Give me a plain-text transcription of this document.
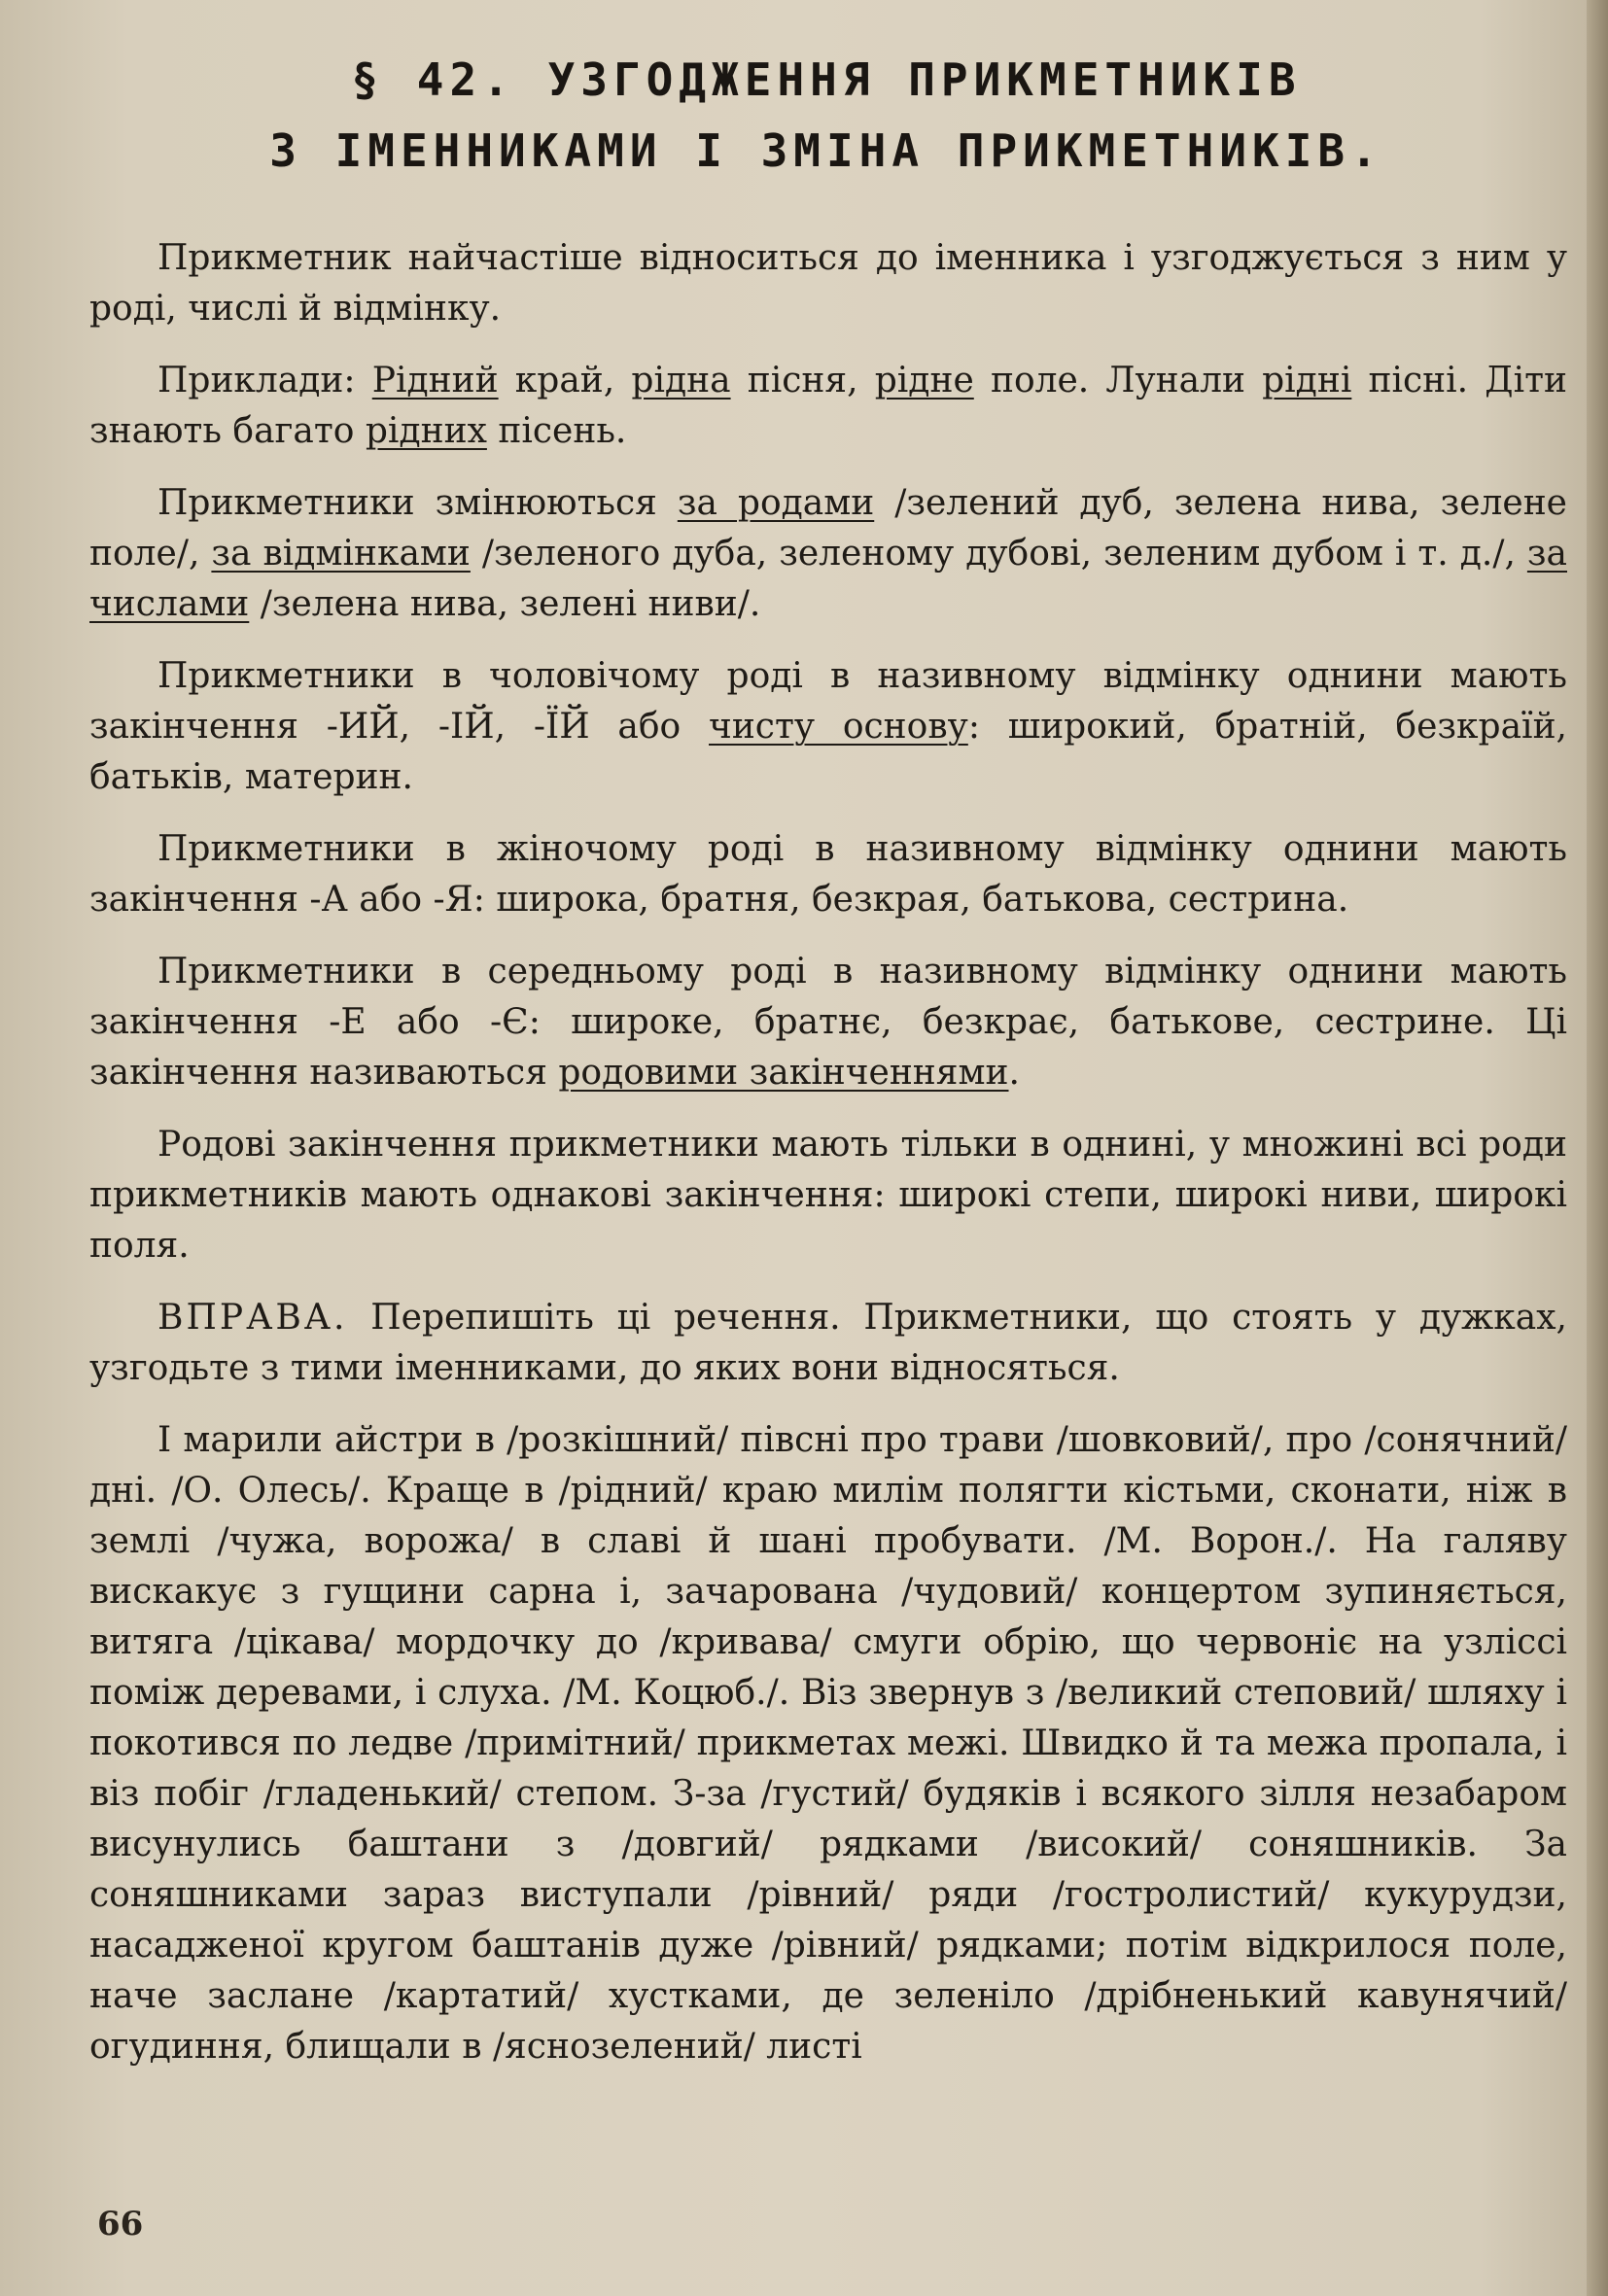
§ 42. УЗГОДЖЕННЯ ПРИКМЕТНИКІВ
З ІМЕННИКАМИ І ЗМІНА ПРИКМЕТНИКІВ.

Прикметник найчастіше відноситься до іменника і узгоджується з ним у роді, числі й відмінку.

Приклади: Рідний край, рідна пісня, рідне поле. Лунали рідні пісні. Діти знають багато рідних пісень.

Прикметники змінюються за родами /зелений дуб, зелена нива, зелене поле/, за відмінками /зеленого дуба, зеленому дубові, зеленим дубом і т. д./, за числами /зелена нива, зелені ниви/.

Прикметники в чоловічому роді в називному відмінку однини мають закінчення -ИЙ, -ІЙ, -ЇЙ або чисту основу: широкий, братній, безкраїй, батьків, материн.

Прикметники в жіночому роді в називному відмінку однини мають закінчення -А або -Я: широка, братня, безкрая, батькова, сестрина.

Прикметники в середньому роді в називному відмінку однини мають закінчення -Е або -Є: широке, братнє, безкрає, батькове, сестрине. Ці закінчення називаються родовими закінченнями.

Родові закінчення прикметники мають тільки в однині, у множині всі роди прикметників мають однакові закінчення: широкі степи, широкі ниви, широкі поля.

ВПРАВА. Перепишіть ці речення. Прикметники, що стоять у дужках, узгодьте з тими іменниками, до яких вони відносяться.

І марили айстри в /розкішний/ півсні про трави /шовковий/, про /сонячний/ дні. /О. Олесь/. Краще в /рідний/ краю милім полягти кістьми, сконати, ніж в землі /чужа, ворожа/ в славі й шані пробувати. /М. Ворон./. На галяву вискакує з гущини сарна і, зачарована /чудовий/ концертом зупиняється, витяга /цікава/ мордочку до /кривава/ смуги обрію, що червоніє на узліссі поміж деревами, і слуха. /М. Коцюб./. Віз звернув з /великий степовий/ шляху і покотився по ледве /примітний/ прикметах межі. Швидко й та межа пропала, і віз побіг /гладенький/ степом. З-за /густий/ будяків і всякого зілля незабаром висунулись баштани з /довгий/ рядками /високий/ соняшників. За соняшниками зараз виступали /рівний/ ряди /гостролистий/ кукурудзи, насадженої кругом баштанів дуже /рівний/ рядками; потім відкрилося поле, наче заслане /картатий/ хустками, де зеленіло /дрібненький кавунячий/ огудиння, блищали в /яснозелений/ листі

66
